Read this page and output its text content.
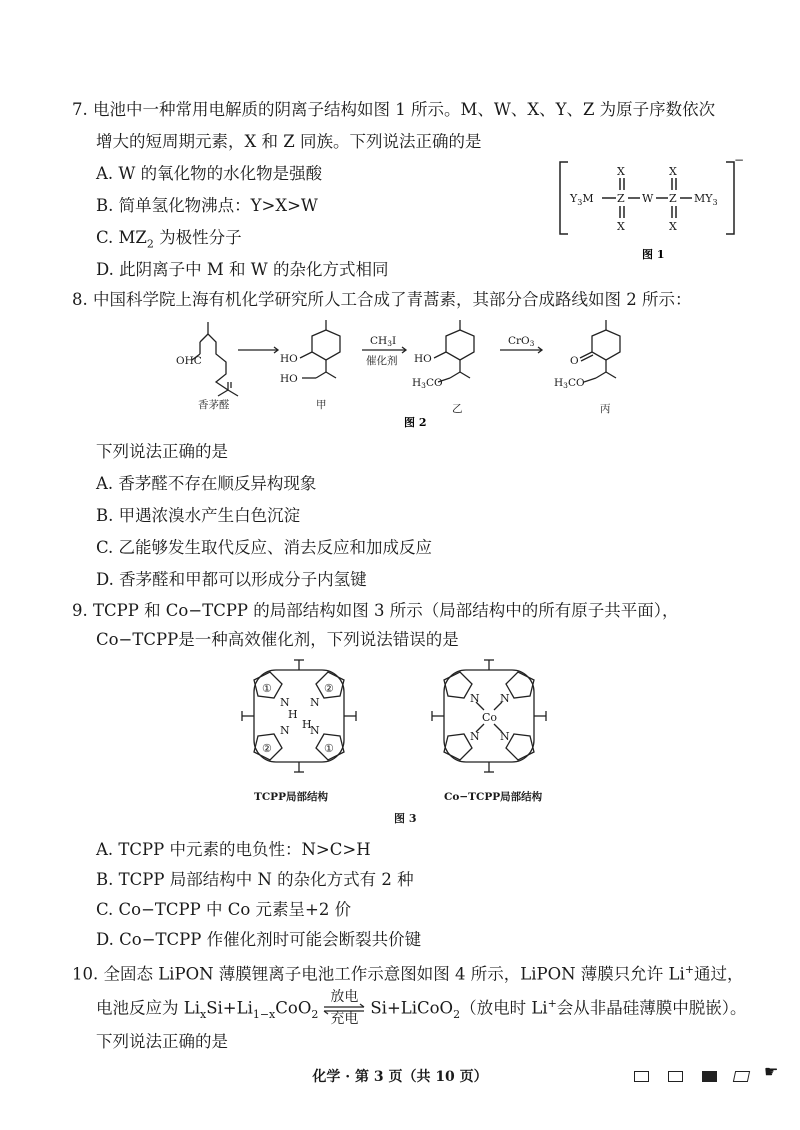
7. 电池中一种常用电解质的阴离子结构如图 1 所示。M、W、X、Y、Z 为原子序数依次
增大的短周期元素，X 和 Z 同族。下列说法正确的是
A. W 的氧化物的水化物是强酸
B. 简单氢化物沸点：Y>X>W
C. $MZ_2$ 为极性分子
D. 此阴离子中 M 和 W 的杂化方式相同
$Y_3M$ Z W Z $MY_3$
X
X
X
X
−
图 1
8. 中国科学院上海有机化学研究所人工合成了青蒿素，其部分合成路线如图 2 所示：
OHC	HO
HO
HO
H3CO
O
H3CO
CH3I
催化剂
CrO3
香茅醛	甲	乙	丙
图 2
下列说法正确的是
A. 香茅醛不存在顺反异构现象
B. 甲遇浓溴水产生白色沉淀
C. 乙能够发生取代反应、消去反应和加成反应
D. 香茅醛和甲都可以形成分子内氢键
9. TCPP 和 Co−TCPP 的局部结构如图 3 所示（局部结构中的所有原子共平面），
Co−TCPP是一种高效催化剂，下列说法错误的是
①	②
②	①
N N
N N
H
H
N N
N N
Co
TCPP局部结构	Co−TCPP局部结构
图 3
A. TCPP 中元素的电负性：N>C>H
B. TCPP 局部结构中 N 的杂化方式有 2 种
C. Co−TCPP 中 Co 元素呈+2 价
D. Co−TCPP 作催化剂时可能会断裂共价键
10. 全固态 LiPON 薄膜锂离子电池工作示意图如图 4 所示，LiPON 薄膜只允许 Li+通过，
电池反应为 $Li_xSi+Li_{1-x}CoO_2$
放电
充电
Si+LiCoO$_2$（放电时 Li+会从非晶硅薄膜中脱嵌）。
下列说法正确的是
化学 · 第 3 页（共 10 页）	☛
